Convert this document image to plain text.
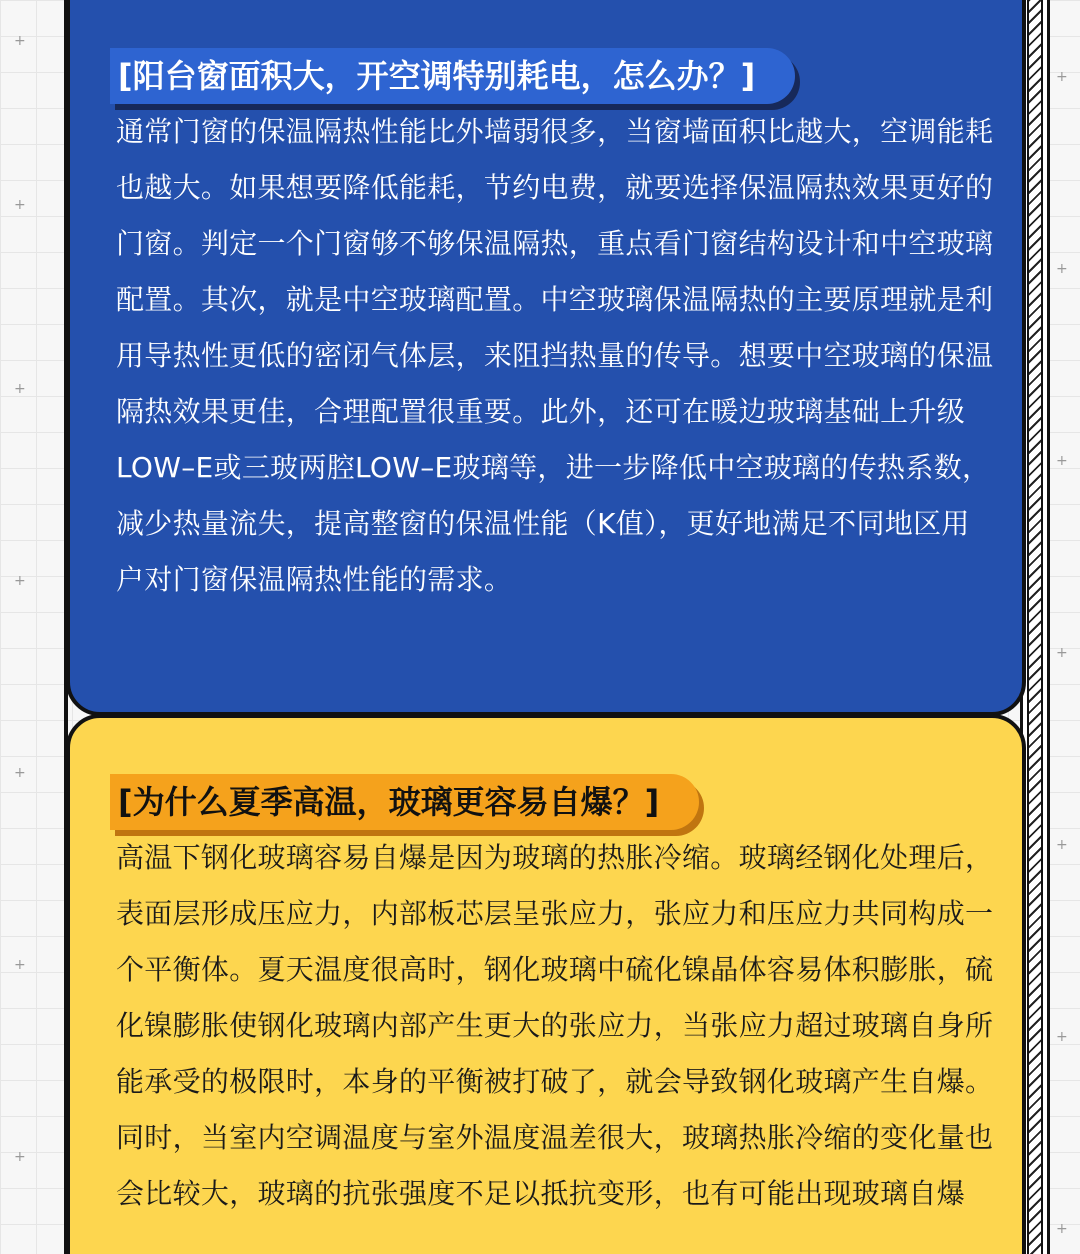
+
+
+
+
+
+
+
+
+
+
+
+
+
+
[阳台窗面积大，开空调特别耗电，怎么办？]
通常门窗的保温隔热性能比外墙弱很多，当窗墙面积比越大，空调能耗也越大。如果想要降低能耗，节约电费，就要选择保温隔热效果更好的门窗。判定一个门窗够不够保温隔热，重点看门窗结构设计和中空玻璃配置。其次，就是中空玻璃配置。中空玻璃保温隔热的主要原理就是利用导热性更低的密闭气体层，来阻挡热量的传导。想要中空玻璃的保温隔热效果更佳，合理配置很重要。此外，还可在暖边玻璃基础上升级LOW–E或三玻两腔LOW–E玻璃等，进一步降低中空玻璃的传热系数，减少热量流失，提高整窗的保温性能（K值），更好地满足不同地区用户对门窗保温隔热性能的需求。
[为什么夏季高温，玻璃更容易自爆？]
高温下钢化玻璃容易自爆是因为玻璃的热胀冷缩。玻璃经钢化处理后，表面层形成压应力，内部板芯层呈张应力，张应力和压应力共同构成一个平衡体。夏天温度很高时，钢化玻璃中硫化镍晶体容易体积膨胀，硫化镍膨胀使钢化玻璃内部产生更大的张应力，当张应力超过玻璃自身所能承受的极限时，本身的平衡被打破了，就会导致钢化玻璃产生自爆。同时，当室内空调温度与室外温度温差很大，玻璃热胀冷缩的变化量也会比较大，玻璃的抗张强度不足以抵抗变形，也有可能出现玻璃自爆
